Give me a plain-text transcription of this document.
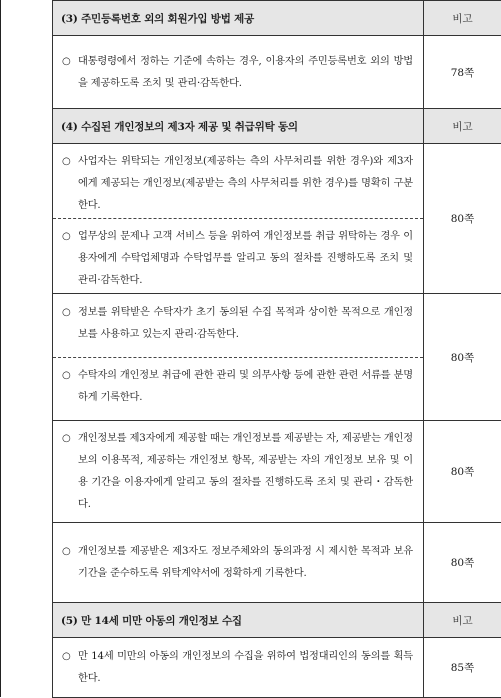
(3) 주민등록번호 외의 회원가입 방법 제공	비고

○ 대통령령에서 정하는 기준에 속하는 경우, 이용자의 주민등록번호 외의 방법을 제공하도록 조치 및 관리·감독한다.	78쪽
(4) 수집된 개인정보의 제3자 제공 및 취급위탁 동의	비고

○ 사업자는 위탁되는 개인정보(제공하는 측의 사무처리를 위한 경우)와 제3자에게 제공되는 개인정보(제공받는 측의 사무처리를 위한 경우)를 명확히 구분한다.
○ 업무상의 문제나 고객 서비스 등을 위하여 개인정보를 취급 위탁하는 경우 이용자에게 수탁업체명과 수탁업무를 알리고 동의 절차를 진행하도록 조치 및 관리·감독한다.	80쪽

○ 정보를 위탁받은 수탁자가 초기 동의된 수집 목적과 상이한 목적으로 개인정보를 사용하고 있는지 관리·감독한다.
○ 수탁자의 개인정보 취급에 관한 관리 및 의무사항 등에 관한 관련 서류를 분명하게 기록한다.	80쪽

○ 개인정보를 제3자에게 제공할 때는 개인정보를 제공받는 자, 제공받는 개인정보의 이용목적, 제공하는 개인정보 항목, 제공받는 자의 개인정보 보유 및 이용 기간을 이용자에게 알리고 동의 절차를 진행하도록 조치 및 관리・감독한다.	80쪽

○ 개인정보를 제공받은 제3자도 정보주체와의 동의과정 시 제시한 목적과 보유기간을 준수하도록 위탁계약서에 정확하게 기록한다.	80쪽
(5) 만 14세 미만 아동의 개인정보 수집	비고

○ 만 14세 미만의 아동의 개인정보의 수집을 위하여 법정대리인의 동의를 획득한다.	85쪽
